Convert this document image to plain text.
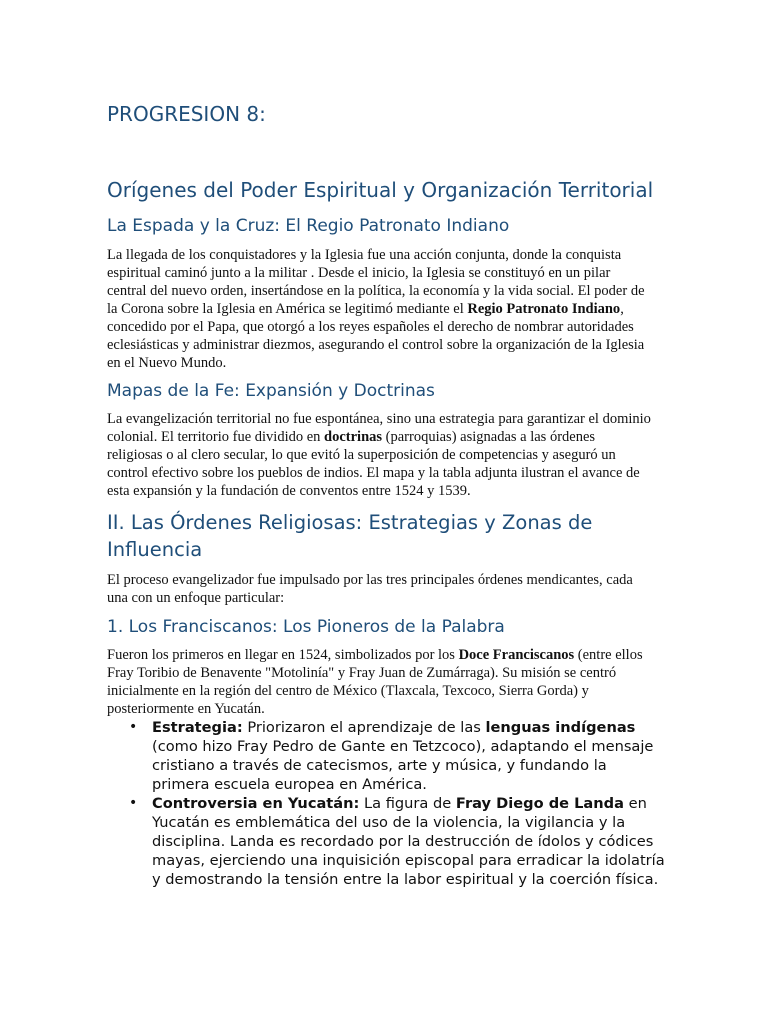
PROGRESION 8:
Orígenes del Poder Espiritual y Organización Territorial
La Espada y la Cruz: El Regio Patronato Indiano

La llegada de los conquistadores y la Iglesia fue una acción conjunta, donde la conquista espiritual caminó junto a la militar . Desde el inicio, la Iglesia se constituyó en un pilar central del nuevo orden, insertándose en la política, la economía y la vida social. El poder de la Corona sobre la Iglesia en América se legitimó mediante el Regio Patronato Indiano, concedido por el Papa, que otorgó a los reyes españoles el derecho de nombrar autoridades eclesiásticas y administrar diezmos, asegurando el control sobre la organización de la Iglesia en el Nuevo Mundo.

Mapas de la Fe: Expansión y Doctrinas

La evangelización territorial no fue espontánea, sino una estrategia para garantizar el dominio colonial. El territorio fue dividido en doctrinas (parroquias) asignadas a las órdenes religiosas o al clero secular, lo que evitó la superposición de competencias y aseguró un control efectivo sobre los pueblos de indios. El mapa y la tabla adjunta ilustran el avance de esta expansión y la fundación de conventos entre 1524 y 1539.

II. Las Órdenes Religiosas: Estrategias y Zonas de Influencia

El proceso evangelizador fue impulsado por las tres principales órdenes mendicantes, cada una con un enfoque particular:

1. Los Franciscanos: Los Pioneros de la Palabra

Fueron los primeros en llegar en 1524, simbolizados por los Doce Franciscanos (entre ellos Fray Toribio de Benavente "Motolinía" y Fray Juan de Zumárraga). Su misión se centró inicialmente en la región del centro de México (Tlaxcala, Texcoco, Sierra Gorda) y posteriormente en Yucatán.

• Estrategia: Priorizaron el aprendizaje de las lenguas indígenas (como hizo Fray Pedro de Gante en Tetzcoco), adaptando el mensaje cristiano a través de catecismos, arte y música, y fundando la primera escuela europea en América.
• Controversia en Yucatán: La figura de Fray Diego de Landa en Yucatán es emblemática del uso de la violencia, la vigilancia y la disciplina. Landa es recordado por la destrucción de ídolos y códices mayas, ejerciendo una inquisición episcopal para erradicar la idolatría y demostrando la tensión entre la labor espiritual y la coerción física.
